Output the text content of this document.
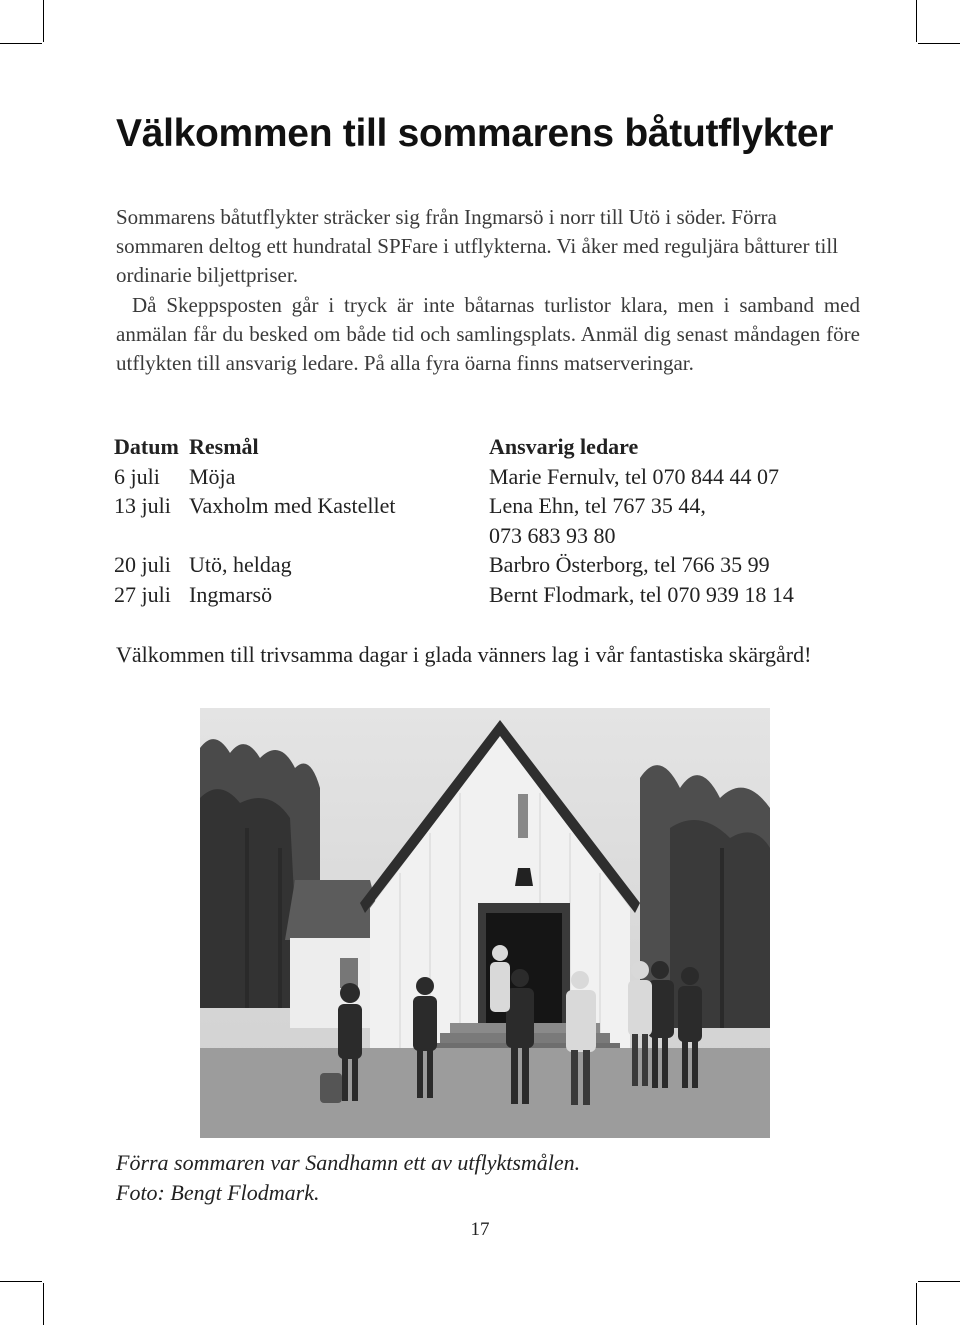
Välkommen till sommarens båtutflykter

Sommarens båtutflykter sträcker sig från Ingmarsö i norr till Utö i söder. Förra sommaren deltog ett hundratal SPFare i utflykterna. Vi åker med reguljära båtturer till ordinarie biljettpriser.

Då Skeppsposten går i tryck är inte båtarnas turlistor klara, men i samband med anmälan får du besked om både tid och samlingsplats. Anmäl dig senast måndagen före utflykten till ansvarig ledare. På alla fyra öarna finns matserveringar.

Datum	Resmål	Ansvarig ledare
6 juli	Möja	Marie Fernulv, tel 070 844 44 07
13 juli	Vaxholm med Kastellet	Lena Ehn, tel 767 35 44,
		073 683 93 80
20 juli	Utö, heldag	Barbro Österborg, tel 766 35 99
27 juli	Ingmarsö	Bernt Flodmark, tel 070 939 18 14

Välkommen till trivsamma dagar i glada vänners lag i vår fantastiska skärgård!

Förra sommaren var Sandhamn ett av utflyktsmålen.
Foto: Bengt Flodmark.

17
